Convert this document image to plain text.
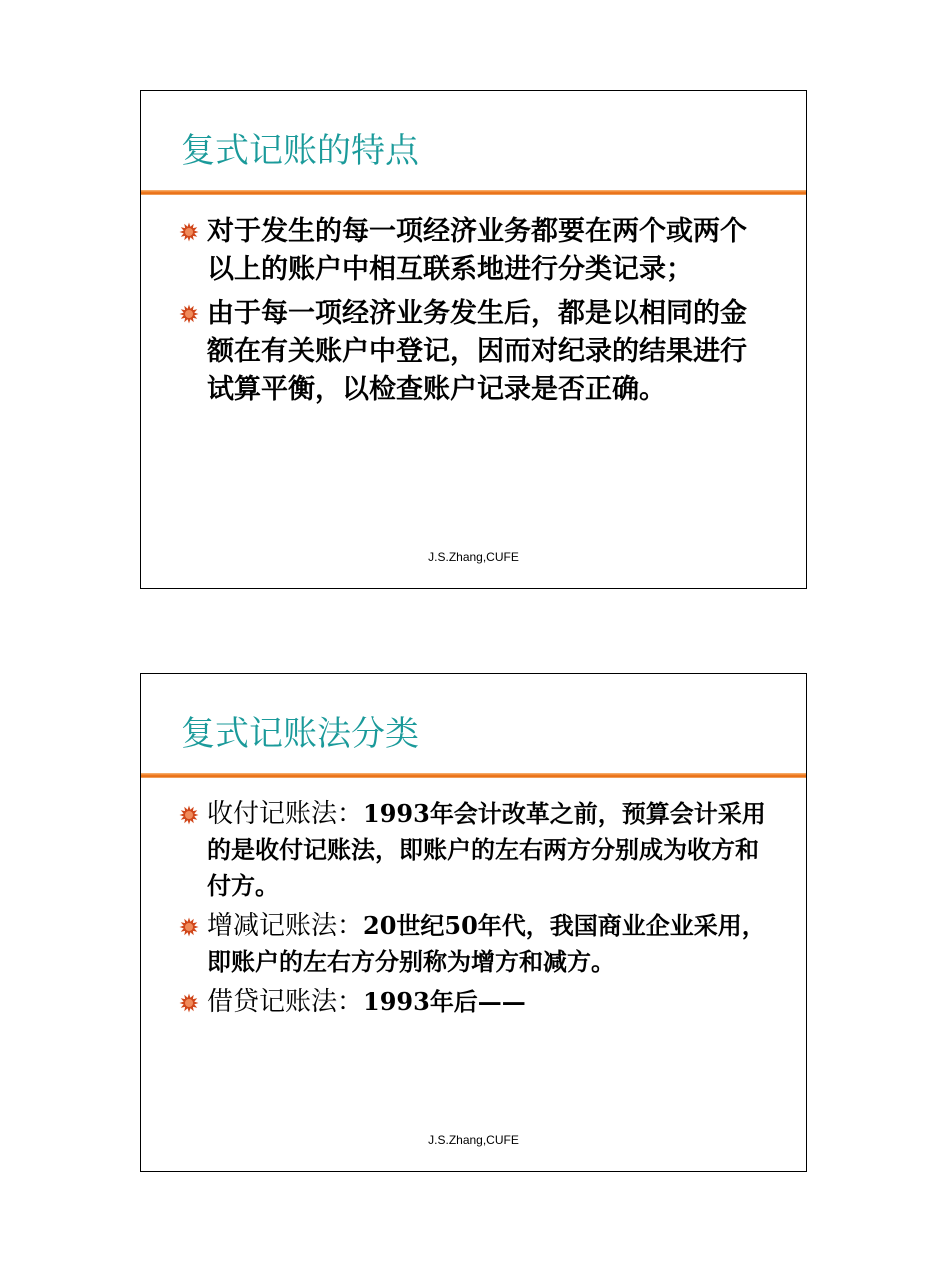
复式记账的特点
对于发生的每一项经济业务都要在两个或两个以上的账户中相互联系地进行分类记录；
由于每一项经济业务发生后，都是以相同的金额在有关账户中登记，因而对纪录的结果进行试算平衡，以检查账户记录是否正确。
J.S.Zhang,CUFE
复式记账法分类
收付记账法：1993年会计改革之前，预算会计采用的是收付记账法，即账户的左右两方分别成为收方和付方。
增减记账法：20世纪50年代，我国商业企业采用，即账户的左右方分别称为增方和减方。
借贷记账法：1993年后——
J.S.Zhang,CUFE
